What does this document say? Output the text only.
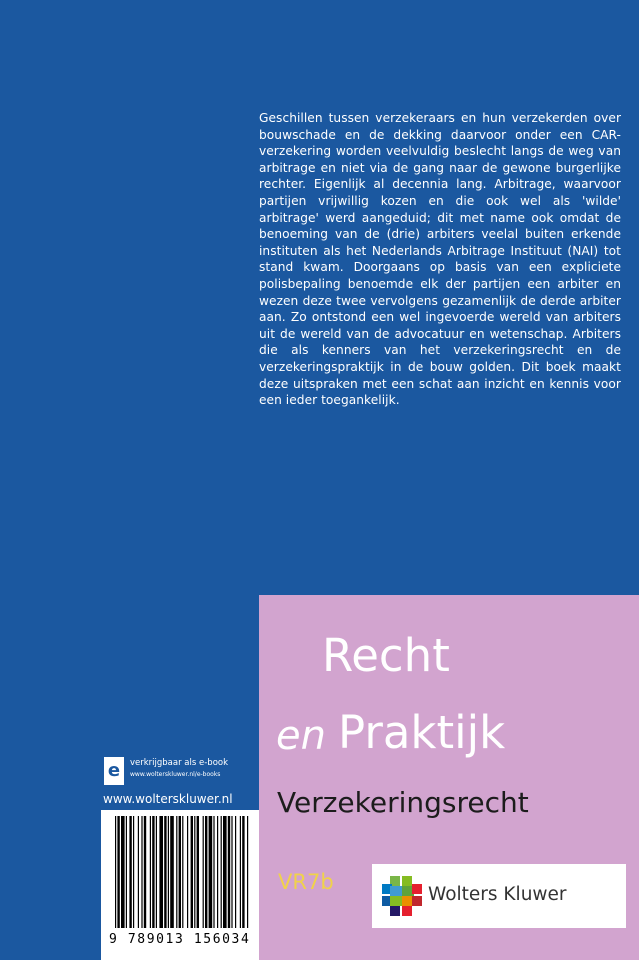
Geschillen tussen verzekeraars en hun verzekerden over bouwschade en de dekking daarvoor onder een CAR-verzekering worden veelvuldig beslecht langs de weg van arbitrage en niet via de gang naar de gewone burgerlijke rechter. Eigenlijk al decennia lang. Arbitrage, waarvoor partijen vrijwillig kozen en die ook wel als 'wilde' arbitrage' werd aangeduid; dit met name ook omdat de benoeming van de (drie) arbiters veelal buiten erkende instituten als het Nederlands Arbitrage Instituut (NAI) tot stand kwam. Doorgaans op basis van een expliciete polisbepaling benoemde elk der partijen een arbiter en wezen deze twee vervolgens gezamenlijk de derde arbiter aan. Zo ontstond een wel ingevoerde wereld van arbiters uit de wereld van de advocatuur en wetenschap. Arbiters die als kenners van het verzekeringsrecht en de verzekeringspraktijk in de bouw golden. Dit boek maakt deze uitspraken met een schat aan inzicht en kennis voor een ieder toegankelijk.
Recht
en Praktijk
Verzekeringsrecht
VR7b
Wolters Kluwer
e verkrijgbaar als e-book
www.wolterskluwer.nl/e-books
www.wolterskluwer.nl
9 789013 156034
